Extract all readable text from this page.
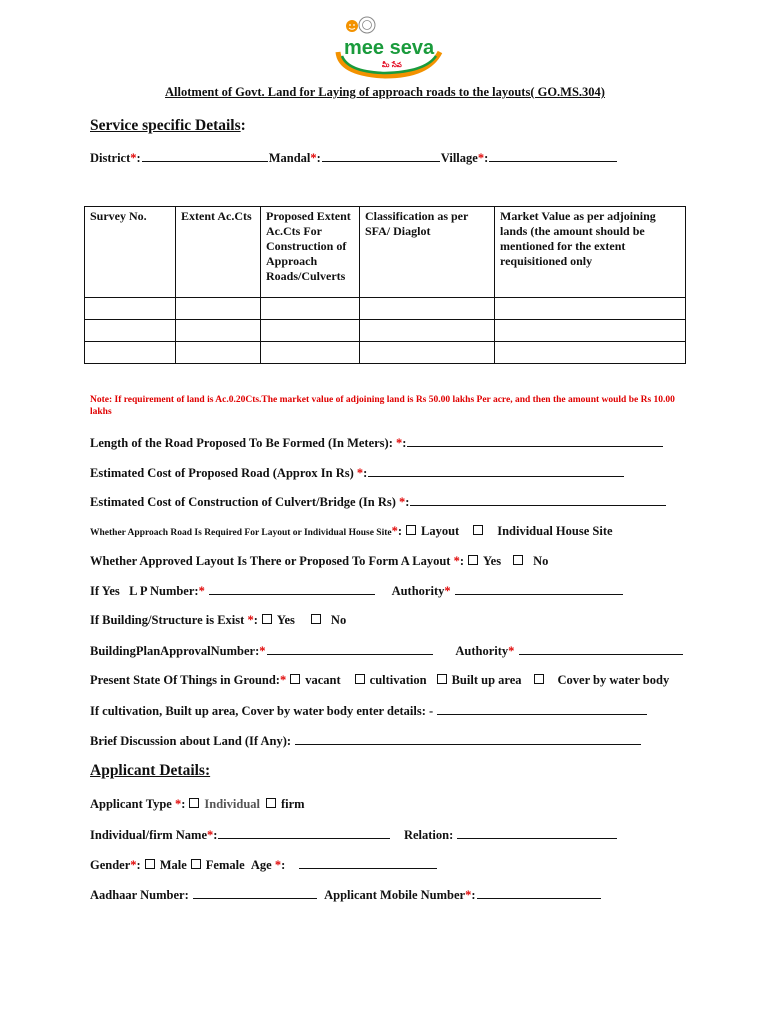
mee seva
మీ సేవ
Allotment of Govt. Land for Laying of approach roads to the layouts( GO.MS.304)
Service specific Details:
District*:	Mandal*:	Village*:
Survey No.	Extent Ac.Cts	Proposed Extent Ac.Cts For Construction of Approach Roads/Culverts	Classification as per SFA/ Diaglot	Market Value as per adjoining lands (the amount should be mentioned for the extent requisitioned only

Note: If requirement of land is Ac.0.20Cts.The market value of adjoining land is Rs 50.00 lakhs Per acre, and then the amount would be Rs 10.00 lakhs
Length of the Road Proposed To Be Formed (In Meters): *:
Estimated Cost of Proposed Road (Approx In Rs) *:
Estimated Cost of Construction of Culvert/Bridge (In Rs) *:
Whether Approach Road Is Required For Layout or Individual House Site*: Layout	Individual House Site
Whether Approved Layout Is There or Proposed To Form A Layout *: Yes	No
If Yes L P Number:*	Authority*
If Building/Structure is Exist *: Yes	No
BuildingPlanApprovalNumber:*	Authority*
Present State Of Things in Ground:* vacant cultivation Built up area	Cover by water body
If cultivation, Built up area, Cover by water body enter details: -
Brief Discussion about Land (If Any):
Applicant Details:
Applicant Type *: Individual firm
Individual/firm Name*:	Relation:
Gender*: Male Female Age *:
Aadhaar Number:	Applicant Mobile Number*:
